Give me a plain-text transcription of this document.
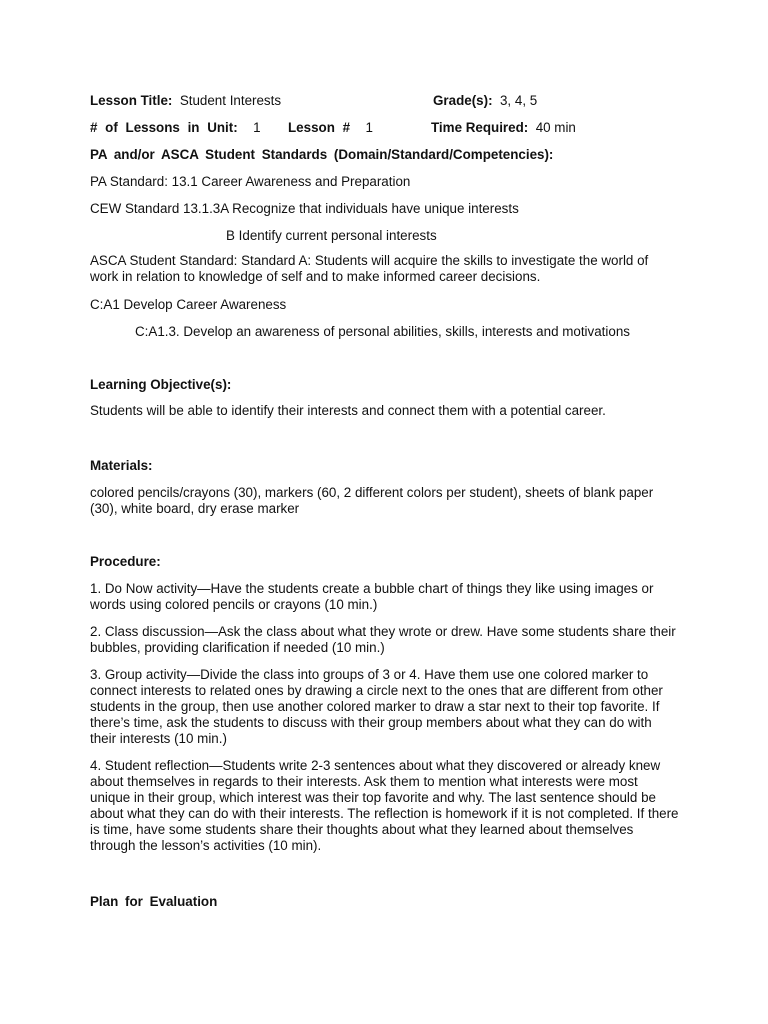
Lesson Title: Student Interests	Grade(s): 3, 4, 5
# of Lessons in Unit: 1 Lesson # 1	Time Required: 40 min
PA and/or ASCA Student Standards (Domain/Standard/Competencies):
PA Standard: 13.1 Career Awareness and Preparation
CEW Standard 13.1.3A Recognize that individuals have unique interests
B Identify current personal interests
ASCA Student Standard: Standard A: Students will acquire the skills to investigate the world of work in relation to knowledge of self and to make informed career decisions.
C:A1 Develop Career Awareness
C:A1.3. Develop an awareness of personal abilities, skills, interests and motivations
Learning Objective(s):
Students will be able to identify their interests and connect them with a potential career.
Materials:
colored pencils/crayons (30), markers (60, 2 different colors per student), sheets of blank paper (30), white board, dry erase marker
Procedure:
1. Do Now activity—Have the students create a bubble chart of things they like using images or words using colored pencils or crayons (10 min.)
2. Class discussion—Ask the class about what they wrote or drew. Have some students share their bubbles, providing clarification if needed (10 min.)
3. Group activity—Divide the class into groups of 3 or 4. Have them use one colored marker to connect interests to related ones by drawing a circle next to the ones that are different from other students in the group, then use another colored marker to draw a star next to their top favorite. If there’s time, ask the students to discuss with their group members about what they can do with their interests (10 min.)
4. Student reflection—Students write 2-3 sentences about what they discovered or already knew about themselves in regards to their interests. Ask them to mention what interests were most unique in their group, which interest was their top favorite and why. The last sentence should be about what they can do with their interests. The reflection is homework if it is not completed. If there is time, have some students share their thoughts about what they learned about themselves through the lesson’s activities (10 min).
Plan for Evaluation
